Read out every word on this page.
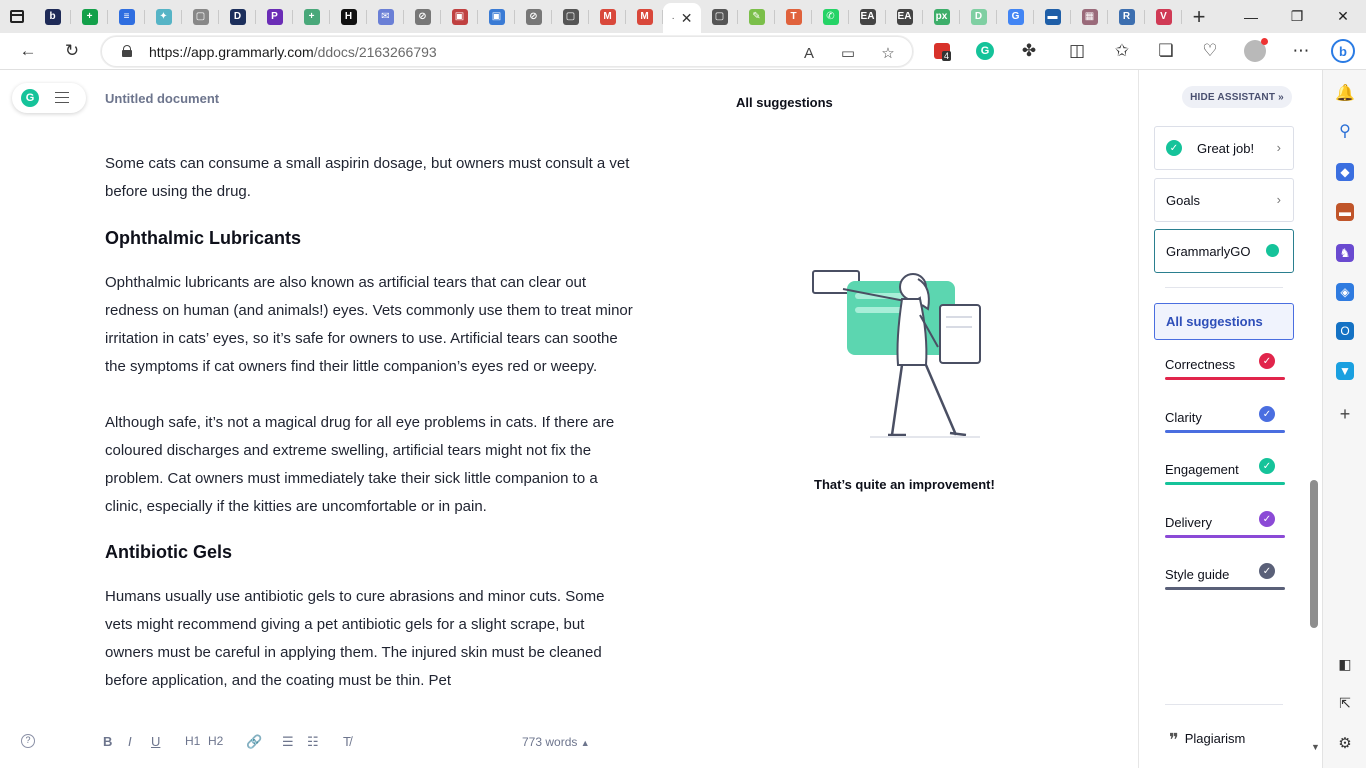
b	+	≡	✦	▢	D	P	+	H	✉	⊘	▣	▣	⊘	▢	M	M	· ✕	▢	✎	T	✆	EA EA px	D	G	▬	▦	R	V	+	—	❐	✕
←	↻	https://app.grammarly.com/ddocs/2163266793	A	▭ ☆	4	G	✤	◫	✩	❏	♡	⋯	b
G	Untitled document

Some cats can consume a small aspirin dosage, but owners must consult a vet before using the drug.

Ophthalmic Lubricants

Ophthalmic lubricants are also known as artificial tears that can clear out redness on human (and animals!) eyes. Vets commonly use them to treat minor irritation in cats’ eyes, so it’s safe for owners to use. Artificial tears can soothe the symptoms if cat owners find their little companion’s eyes red or weepy.

Although safe, it’s not a magical drug for all eye problems in cats. If there are coloured discharges and extreme swelling, artificial tears might not fix the problem. Cat owners must immediately take their sick little companion to a clinic, especially if the kitties are uncomfortable or in pain.

Antibiotic Gels

Humans usually use antibiotic gels to cure abrasions and minor cuts. Some vets might recommend giving a pet antibiotic gels for a slight scrape, but owners must be careful in applying them. The injured skin must be cleaned before application, and the coating must be thin. Pet

?	B I U H1 H2 🔗 ☰ ☷ T̸	773 words ▲
All suggestions
That’s quite an improvement!
HIDE ASSISTANT
»
✓ Great job! ›
Goals	›
GrammarlyGO
All suggestions
Correctness	✓
Clarity	✓
Engagement	✓
Delivery	✓
Style guide	✓
▼
❞ Plagiarism
🔔
⚲
◆
▬
♞
◈
O
▼
+
◧
⇱
⚙
